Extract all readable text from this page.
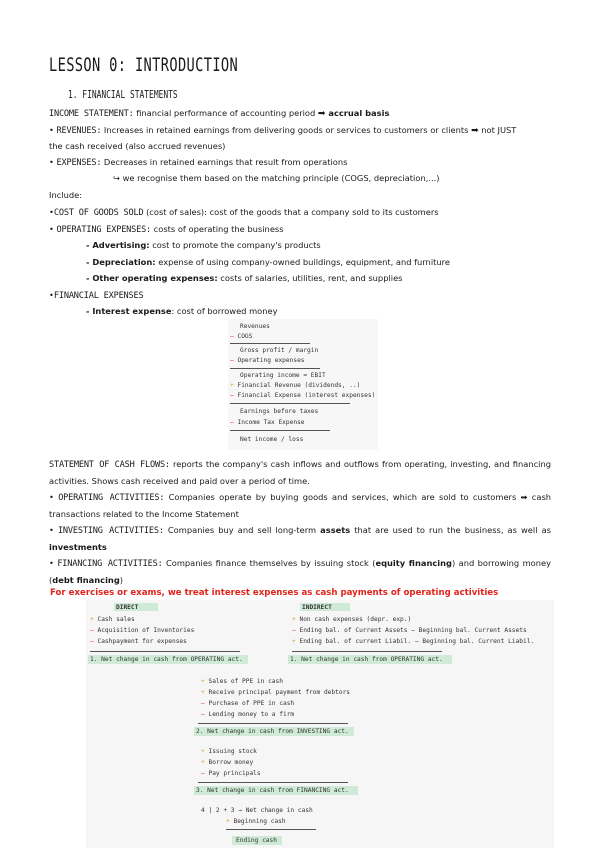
LESSON 0: INTRODUCTION
1. FINANCIAL STATEMENTS
INCOME STATEMENT: financial performance of accounting period ➡ accrual basis
• REVENUES: Increases in retained earnings from delivering goods or services to customers or clients ➡ not JUST
the cash received (also accrued revenues)
• EXPENSES: Decreases in retained earnings that result from operations
↪ we recognise them based on the matching principle (COGS, depreciation,...)
Include:
•COST OF GOODS SOLD (cost of sales): cost of the goods that a company sold to its customers
• OPERATING EXPENSES: costs of operating the business
- Advertising: cost to promote the company's products
- Depreciation: expense of using company-owned buildings, equipment, and furniture
- Other operating expenses: costs of salaries, utilities, rent, and supplies
•FINANCIAL EXPENSES
- Interest expense: cost of borrowed money
Revenues
– COGS
Gross profit / margin
– Operating expenses
Operating income = EBIT
+ Financial Revenue (dividends, ..)
– Financial Expense (interest expenses)
Earnings before taxes
– Income Tax Expense
Net income / loss
STATEMENT OF CASH FLOWS: reports the company's cash inflows and outflows from operating, investing, and financing activities. Shows cash received and paid over a period of time.
• OPERATING ACTIVITIES: Companies operate by buying goods and services, which are sold to customers ➡ cash transactions related to the Income Statement
• INVESTING ACTIVITIES: Companies buy and sell long-term assets that are used to run the business, as well as investments
• FINANCING ACTIVITIES: Companies finance themselves by issuing stock (equity financing) and borrowing money (debt financing)
For exercises or exams, we treat interest expenses as cash payments of operating activities
DIRECT	INDIRECT
+ Cash sales
– Acquisition of Inventories
– Cashpayment for expenses
+ Non cash expenses (depr. exp.)
– Ending bal. of Current Assets – Beginning bal. Current Assets
+ Ending bal. of current Liabil. – Beginning bal. Current Liabil.
1. Net change in cash from OPERATING act.	1. Net change in cash from OPERATING act.
+ Sales of PPE in cash
+ Receive principal payment from debtors
– Purchase of PPE in cash
– Lending money to a firm
2. Net change in cash from INVESTING act.
+ Issuing stock
+ Borrow money
– Pay principals
3. Net change in cash from FINANCING act.
4 | 2 + 3 → Net change in cash
+ Beginning cash
Ending cash
